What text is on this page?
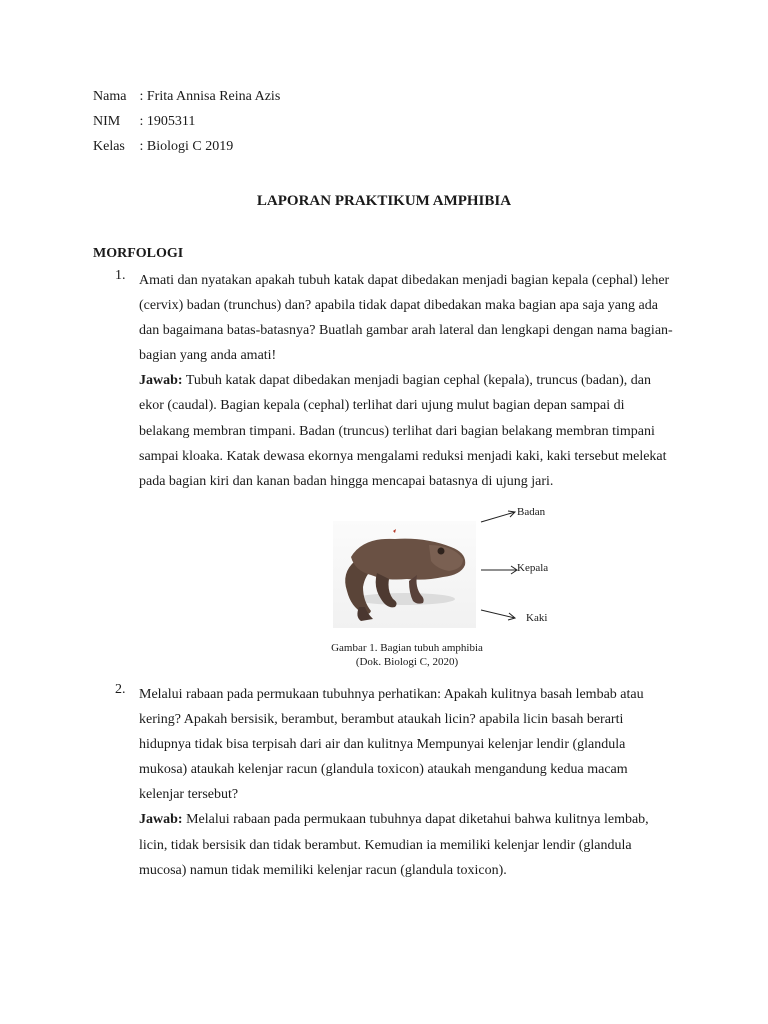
Nama : Frita Annisa Reina Azis
NIM : 1905311
Kelas : Biologi C 2019
LAPORAN PRAKTIKUM AMPHIBIA
MORFOLOGI
1. Amati dan nyatakan apakah tubuh katak dapat dibedakan menjadi bagian kepala (cephal) leher (cervix) badan (trunchus) dan? apabila tidak dapat dibedakan maka bagian apa saja yang ada dan bagaimana batas-batasnya? Buatlah gambar arah lateral dan lengkapi dengan nama bagian-bagian yang anda amati!

Jawab: Tubuh katak dapat dibedakan menjadi bagian cephal (kepala), truncus (badan), dan ekor (caudal). Bagian kepala (cephal) terlihat dari ujung mulut bagian depan sampai di belakang membran timpani. Badan (truncus) terlihat dari bagian belakang membran timpani sampai kloaka. Katak dewasa ekornya mengalami reduksi menjadi kaki, kaki tersebut melekat pada bagian kiri dan kanan badan hingga mencapai batasnya di ujung jari.

Badan
Kepala
Kaki
Gambar 1. Bagian tubuh amphibia
(Dok. Biologi C, 2020)
2. Melalui rabaan pada permukaan tubuhnya perhatikan: Apakah kulitnya basah lembab atau kering? Apakah bersisik, berambut, berambut ataukah licin? apabila licin basah berarti hidupnya tidak bisa terpisah dari air dan kulitnya Mempunyai kelenjar lendir (glandula mukosa) ataukah kelenjar racun (glandula toxicon) ataukah mengandung kedua macam kelenjar tersebut?

Jawab: Melalui rabaan pada permukaan tubuhnya dapat diketahui bahwa kulitnya lembab, licin, tidak bersisik dan tidak berambut. Kemudian ia memiliki kelenjar lendir (glandula mucosa) namun tidak memiliki kelenjar racun (glandula toxicon).
